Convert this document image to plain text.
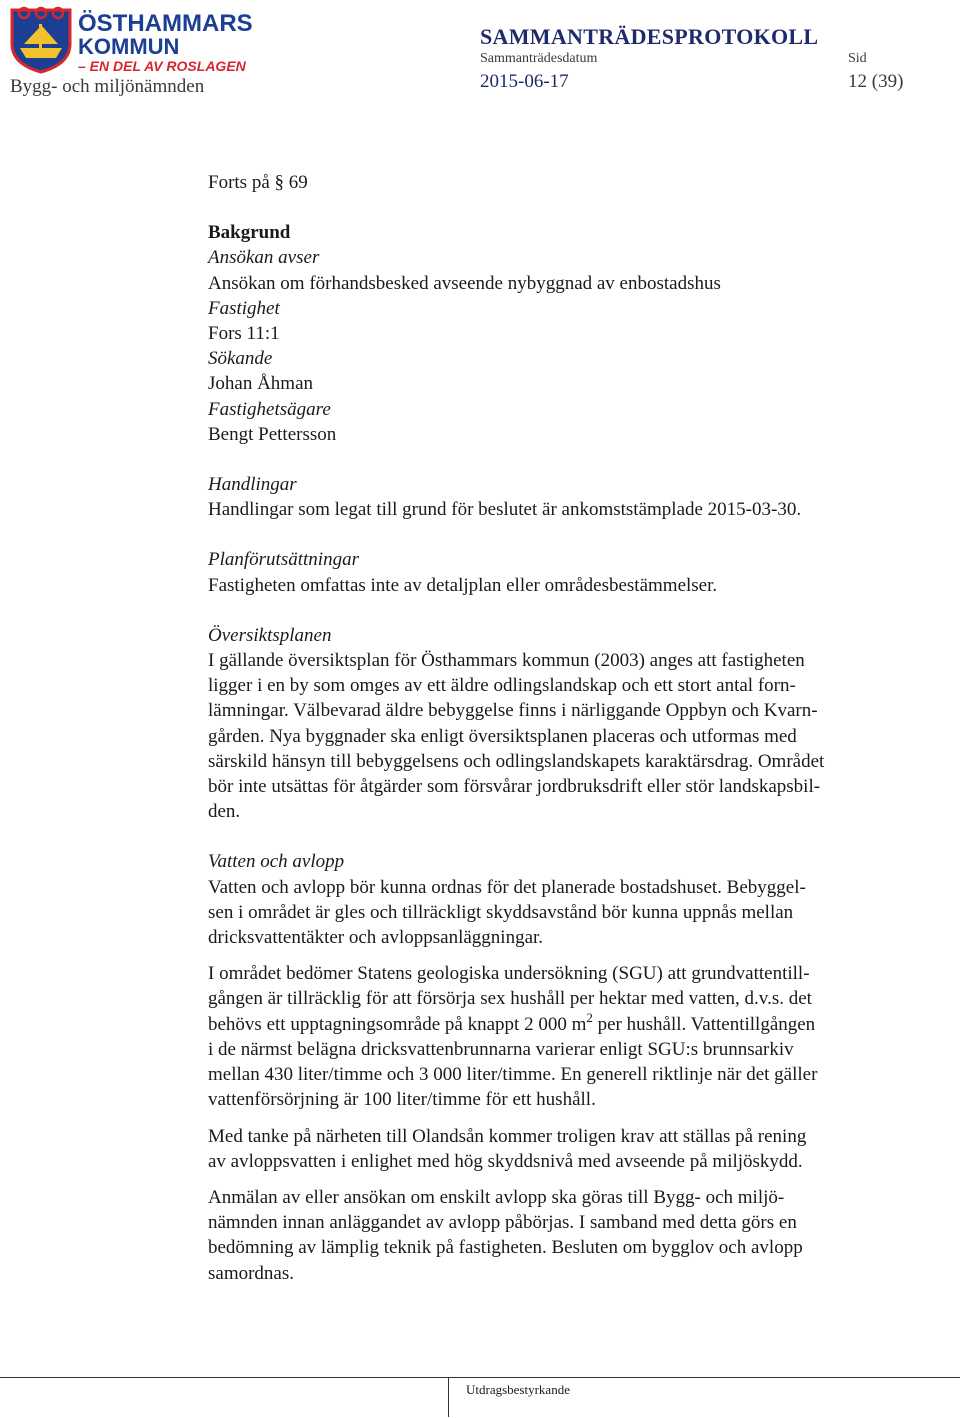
ÖSTHAMMARS
KOMMUN
– EN DEL AV ROSLAGEN
Bygg- och miljönämnden
SAMMANTRÄDESPROTOKOLL
Sammanträdesdatum
2015-06-17
Sid
12 (39)

Forts på § 69

Bakgrund

Ansökan avser

Ansökan om förhandsbesked avseende nybyggnad av enbostadshus

Fastighet

Fors 11:1

Sökande

Johan Åhman

Fastighetsägare

Bengt Pettersson

Handlingar

Handlingar som legat till grund för beslutet är ankomststämplade 2015-03-30.

Planförutsättningar

Fastigheten omfattas inte av detaljplan eller områdesbestämmelser.

Översiktsplanen

I gällande översiktsplan för Östhammars kommun (2003) anges att fastigheten

ligger i en by som omges av ett äldre odlingslandskap och ett stort antal forn-

lämningar. Välbevarad äldre bebyggelse finns i närliggande Oppbyn och Kvarn-

gården. Nya byggnader ska enligt översiktsplanen placeras och utformas med

särskild hänsyn till bebyggelsens och odlingslandskapets karaktärsdrag. Området

bör inte utsättas för åtgärder som försvårar jordbruksdrift eller stör landskapsbil-

den.

Vatten och avlopp

Vatten och avlopp bör kunna ordnas för det planerade bostadshuset. Bebyggel-

sen i området är gles och tillräckligt skyddsavstånd bör kunna uppnås mellan

dricksvattentäkter och avloppsanläggningar.

I området bedömer Statens geologiska undersökning (SGU) att grundvattentill-

gången är tillräcklig för att försörja sex hushåll per hektar med vatten, d.v.s. det

behövs ett upptagningsområde på knappt 2 000 $m^2$ per hushåll. Vattentillgången

i de närmst belägna dricksvattenbrunnarna varierar enligt SGU:s brunnsarkiv

mellan 430 liter/timme och 3 000 liter/timme. En generell riktlinje när det gäller

vattenförsörjning är 100 liter/timme för ett hushåll.

Med tanke på närheten till Olandsån kommer troligen krav att ställas på rening

av avloppsvatten i enlighet med hög skyddsnivå med avseende på miljöskydd.

Anmälan av eller ansökan om enskilt avlopp ska göras till Bygg- och miljö-

nämnden innan anläggandet av avlopp påbörjas. I samband med detta görs en

bedömning av lämplig teknik på fastigheten. Besluten om bygglov och avlopp

samordnas.

Utdragsbestyrkande
